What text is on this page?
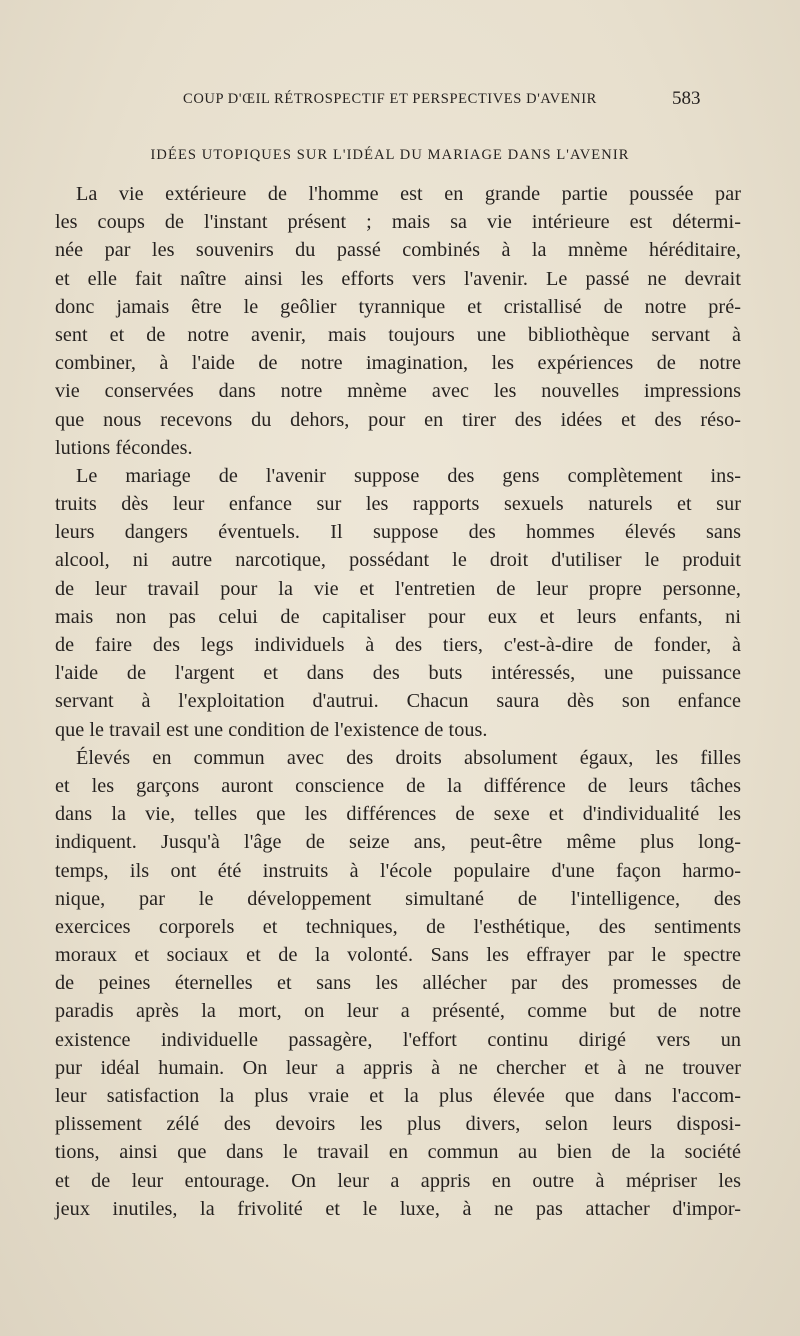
COUP D'ŒIL RÉTROSPECTIF ET PERSPECTIVES D'AVENIR	583
IDÉES UTOPIQUES SUR L'IDÉAL DU MARIAGE DANS L'AVENIR
La vie extérieure de l'homme est en grande partie poussée par
les coups de l'instant présent ; mais sa vie intérieure est détermi-
née par les souvenirs du passé combinés à la mnème héréditaire,
et elle fait naître ainsi les efforts vers l'avenir. Le passé ne devrait
donc jamais être le geôlier tyrannique et cristallisé de notre pré-
sent et de notre avenir, mais toujours une bibliothèque servant à
combiner, à l'aide de notre imagination, les expériences de notre
vie conservées dans notre mnème avec les nouvelles impressions
que nous recevons du dehors, pour en tirer des idées et des réso-
lutions fécondes.
Le mariage de l'avenir suppose des gens complètement ins-
truits dès leur enfance sur les rapports sexuels naturels et sur
leurs dangers éventuels. Il suppose des hommes élevés sans
alcool, ni autre narcotique, possédant le droit d'utiliser le produit
de leur travail pour la vie et l'entretien de leur propre personne,
mais non pas celui de capitaliser pour eux et leurs enfants, ni
de faire des legs individuels à des tiers, c'est-à-dire de fonder, à
l'aide de l'argent et dans des buts intéressés, une puissance
servant à l'exploitation d'autrui. Chacun saura dès son enfance
que le travail est une condition de l'existence de tous.
Élevés en commun avec des droits absolument égaux, les filles
et les garçons auront conscience de la différence de leurs tâches
dans la vie, telles que les différences de sexe et d'individualité les
indiquent. Jusqu'à l'âge de seize ans, peut-être même plus long-
temps, ils ont été instruits à l'école populaire d'une façon harmo-
nique, par le développement simultané de l'intelligence, des
exercices corporels et techniques, de l'esthétique, des sentiments
moraux et sociaux et de la volonté. Sans les effrayer par le spectre
de peines éternelles et sans les allécher par des promesses de
paradis après la mort, on leur a présenté, comme but de notre
existence individuelle passagère, l'effort continu dirigé vers un
pur idéal humain. On leur a appris à ne chercher et à ne trouver
leur satisfaction la plus vraie et la plus élevée que dans l'accom-
plissement zélé des devoirs les plus divers, selon leurs disposi-
tions, ainsi que dans le travail en commun au bien de la société
et de leur entourage. On leur a appris en outre à mépriser les
jeux inutiles, la frivolité et le luxe, à ne pas attacher d'impor-
